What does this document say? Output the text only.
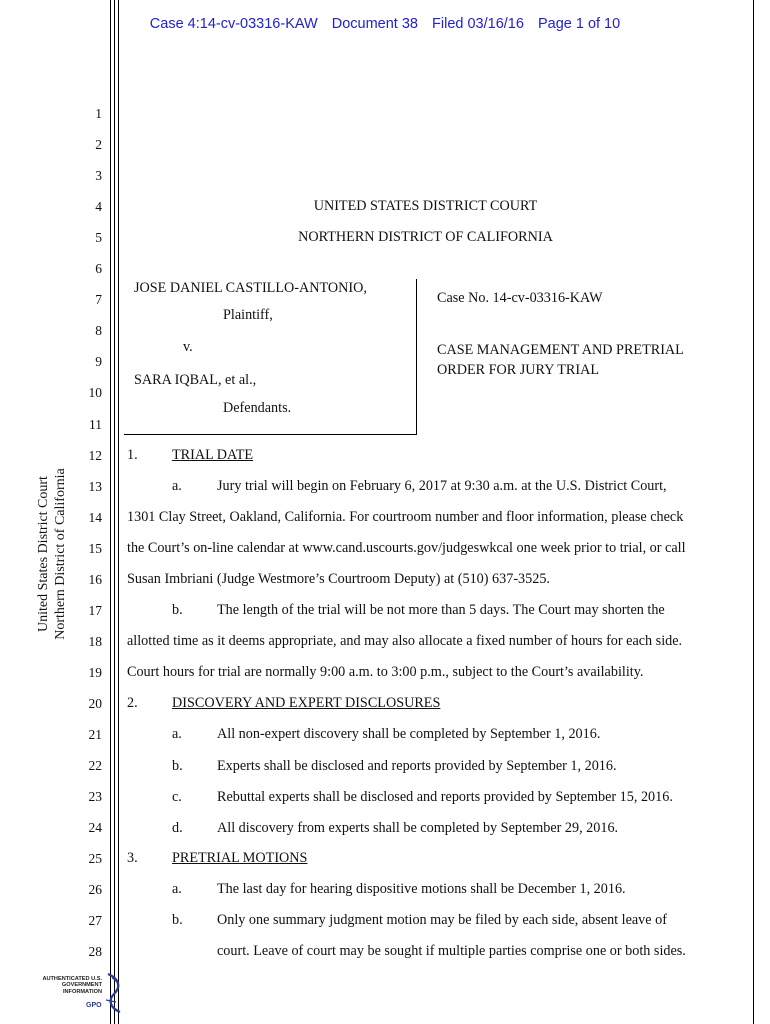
Case 4:14-cv-03316-KAW Document 38 Filed 03/16/16 Page 1 of 10
United States District Court Northern District of California
1
2
3
4
5
6
7
8
9
10
11
12
13
14
15
16
17
18
19
20
21
22
23
24
25
26
27
28
UNITED STATES DISTRICT COURT
NORTHERN DISTRICT OF CALIFORNIA
JOSE DANIEL CASTILLO-ANTONIO,
Plaintiff,
v.
SARA IQBAL, et al.,
Defendants.
Case No. 14-cv-03316-KAW
CASE MANAGEMENT AND PRETRIAL
ORDER FOR JURY TRIAL
1. TRIAL DATE
a. Jury trial will begin on February 6, 2017 at 9:30 a.m. at the U.S. District Court,
1301 Clay Street, Oakland, California. For courtroom number and floor information, please check
the Court’s on-line calendar at www.cand.uscourts.gov/judgeswkcal one week prior to trial, or call
Susan Imbriani (Judge Westmore’s Courtroom Deputy) at (510) 637-3525.
b. The length of the trial will be not more than 5 days. The Court may shorten the
allotted time as it deems appropriate, and may also allocate a fixed number of hours for each side.
Court hours for trial are normally 9:00 a.m. to 3:00 p.m., subject to the Court’s availability.
2. DISCOVERY AND EXPERT DISCLOSURES
a. All non-expert discovery shall be completed by September 1, 2016.
b. Experts shall be disclosed and reports provided by September 1, 2016.
c. Rebuttal experts shall be disclosed and reports provided by September 15, 2016.
d. All discovery from experts shall be completed by September 29, 2016.
3. PRETRIAL MOTIONS
a. The last day for hearing dispositive motions shall be December 1, 2016.
b. Only one summary judgment motion may be filed by each side, absent leave of
court. Leave of court may be sought if multiple parties comprise one or both sides.
AUTHENTICATED U.S. GOVERNMENT INFORMATION
GPO
